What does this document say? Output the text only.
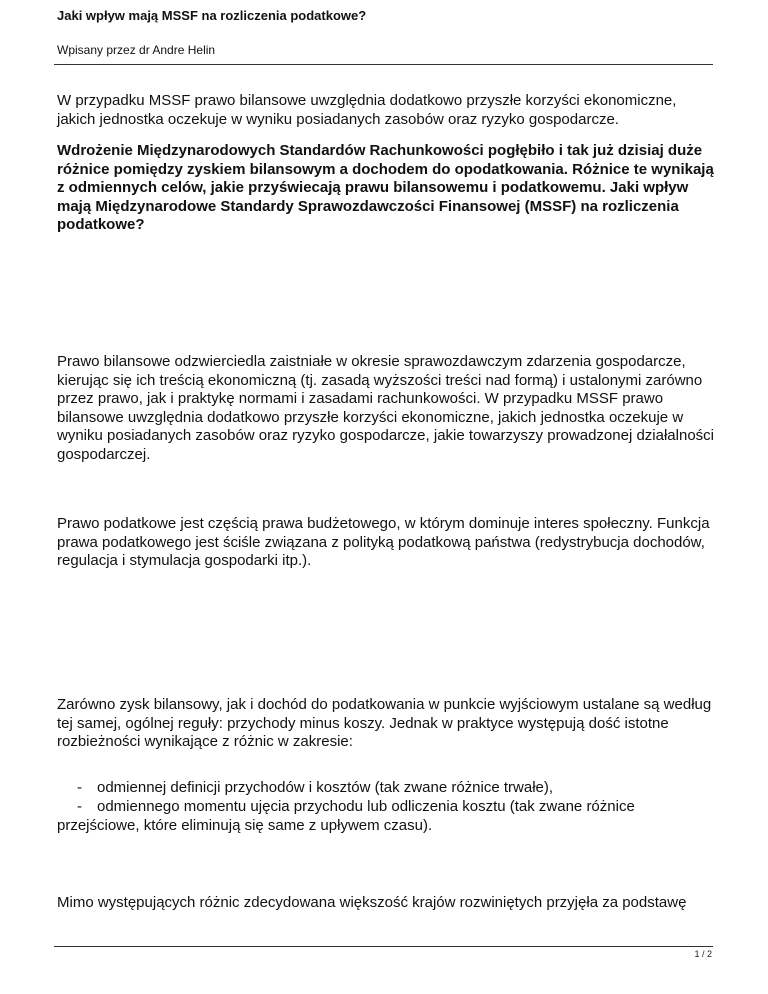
Jaki wpływ mają MSSF na rozliczenia podatkowe?
Wpisany przez dr Andre Helin

W przypadku MSSF prawo bilansowe uwzględnia dodatkowo przyszłe korzyści ekonomiczne, jakich jednostka oczekuje w wyniku posiadanych zasobów oraz ryzyko gospodarcze.

Wdrożenie Międzynarodowych Standardów Rachunkowości pogłębiło i tak już dzisiaj duże różnice pomiędzy zyskiem bilansowym a dochodem do opodatkowania. Różnice te wynikają z odmiennych celów, jakie przyświecają prawu bilansowemu i podatkowemu. Jaki wpływ mają Międzynarodowe Standardy Sprawozdawczości Finansowej (MSSF) na rozliczenia podatkowe?

Prawo bilansowe odzwierciedla zaistniałe w okresie sprawozdawczym zdarzenia gospodarcze, kierując się ich treścią ekonomiczną (tj. zasadą wyższości treści nad formą) i ustalonymi zarówno przez prawo, jak i praktykę normami i zasadami rachunkowości. W przypadku MSSF prawo bilansowe uwzględnia dodatkowo przyszłe korzyści ekonomiczne, jakich jednostka oczekuje w wyniku posiadanych zasobów oraz ryzyko gospodarcze, jakie towarzyszy prowadzonej działalności gospodarczej.

Prawo podatkowe jest częścią prawa budżetowego, w którym dominuje interes społeczny. Funkcja prawa podatkowego jest ściśle związana z polityką podatkową państwa (redystrybucja dochodów, regulacja i stymulacja gospodarki itp.).

Zarówno zysk bilansowy, jak i dochód do podatkowania w punkcie wyjściowym ustalane są według tej samej, ogólnej reguły: przychody minus koszy. Jednak w praktyce występują dość istotne rozbieżności wynikające z różnic w zakresie:

- odmiennej definicji przychodów i kosztów (tak zwane różnice trwałe),

- odmiennego momentu ujęcia przychodu lub odliczenia kosztu (tak zwane różnice przejściowe, które eliminują się same z upływem czasu).

Mimo występujących różnic zdecydowana większość krajów rozwiniętych przyjęła za podstawę

1 / 2
